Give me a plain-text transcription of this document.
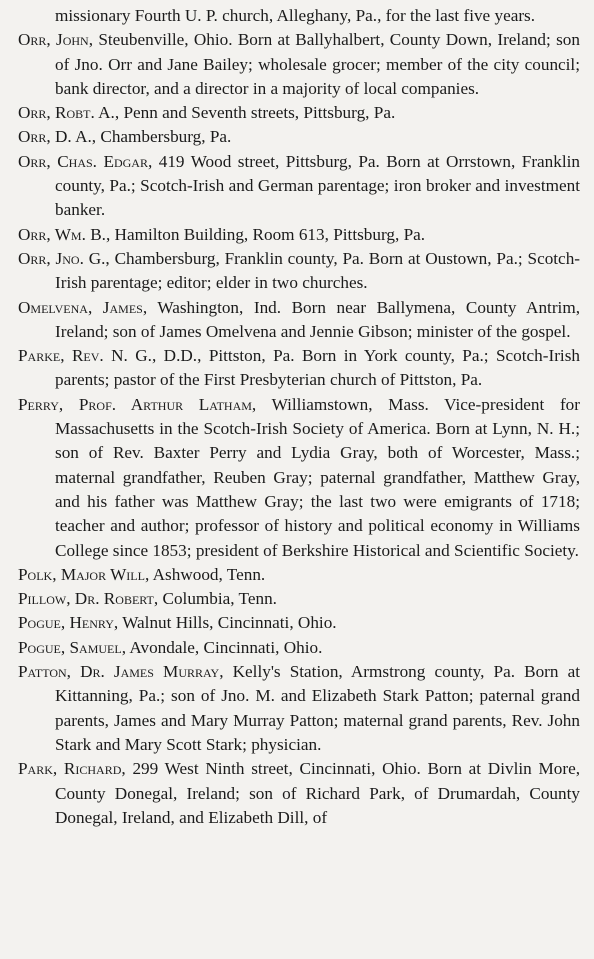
missionary Fourth U. P. church, Alleghany, Pa., for the last five years.

Orr, John, Steubenville, Ohio. Born at Ballyhalbert, County Down, Ireland; son of Jno. Orr and Jane Bailey; wholesale grocer; member of the city council; bank director, and a director in a majority of local companies.

Orr, Robt. A., Penn and Seventh streets, Pittsburg, Pa.

Orr, D. A., Chambersburg, Pa.

Orr, Chas. Edgar, 419 Wood street, Pittsburg, Pa. Born at Orrstown, Franklin county, Pa.; Scotch-Irish and German parentage; iron broker and investment banker.

Orr, Wm. B., Hamilton Building, Room 613, Pittsburg, Pa.

Orr, Jno. G., Chambersburg, Franklin county, Pa. Born at Oustown, Pa.; Scotch-Irish parentage; editor; elder in two churches.

Omelvena, James, Washington, Ind. Born near Ballymena, County Antrim, Ireland; son of James Omelvena and Jennie Gibson; minister of the gospel.

Parke, Rev. N. G., D.D., Pittston, Pa. Born in York county, Pa.; Scotch-Irish parents; pastor of the First Presbyterian church of Pittston, Pa.

Perry, Prof. Arthur Latham, Williamstown, Mass. Vice-president for Massachusetts in the Scotch-Irish Society of America. Born at Lynn, N. H.; son of Rev. Baxter Perry and Lydia Gray, both of Worcester, Mass.; maternal grandfather, Reuben Gray; paternal grandfather, Matthew Gray, and his father was Matthew Gray; the last two were emigrants of 1718; teacher and author; professor of history and political economy in Williams College since 1853; president of Berkshire Historical and Scientific Society.

Polk, Major Will, Ashwood, Tenn.

Pillow, Dr. Robert, Columbia, Tenn.

Pogue, Henry, Walnut Hills, Cincinnati, Ohio.

Pogue, Samuel, Avondale, Cincinnati, Ohio.

Patton, Dr. James Murray, Kelly's Station, Armstrong county, Pa. Born at Kittanning, Pa.; son of Jno. M. and Elizabeth Stark Patton; paternal grand parents, James and Mary Murray Patton; maternal grand parents, Rev. John Stark and Mary Scott Stark; physician.

Park, Richard, 299 West Ninth street, Cincinnati, Ohio. Born at Divlin More, County Donegal, Ireland; son of Richard Park, of Drumardah, County Donegal, Ireland, and Elizabeth Dill, of
